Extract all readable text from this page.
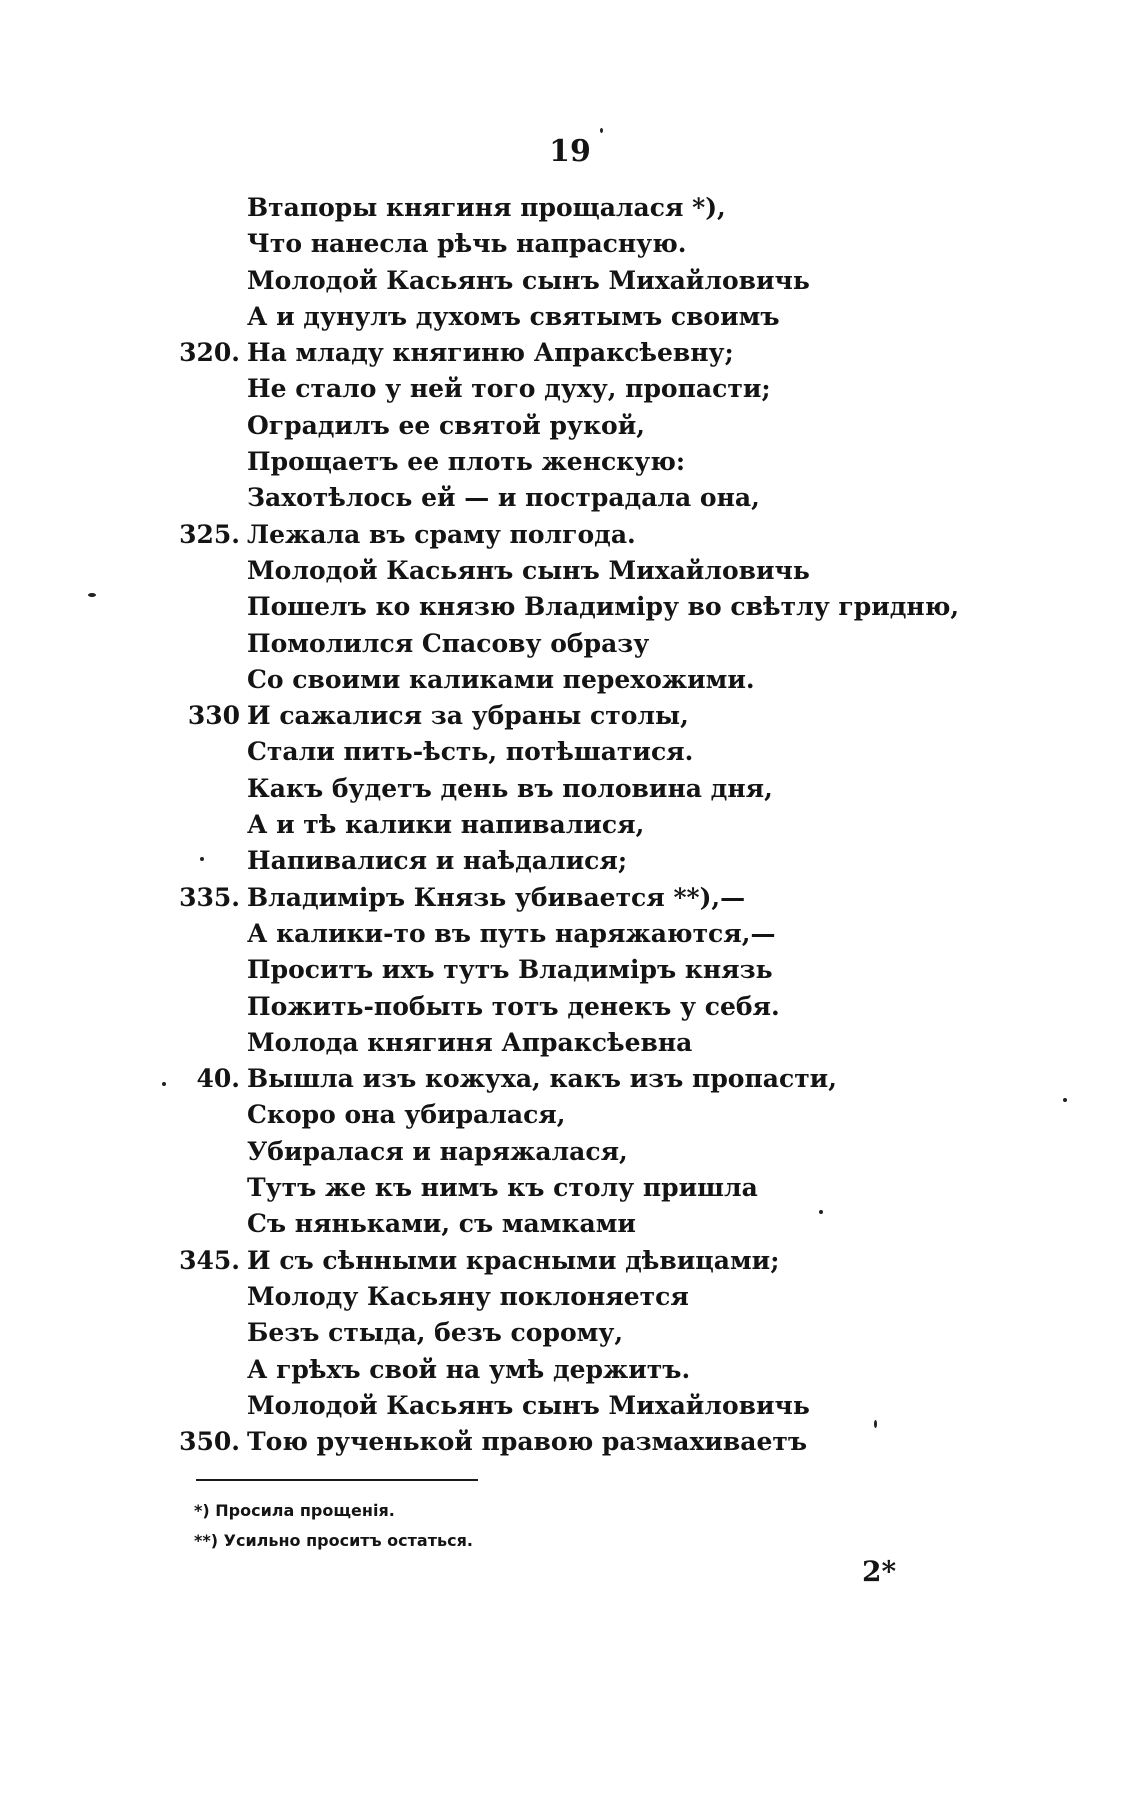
19
Втапоры княгиня прощалася *),
Что нанесла рѣчь напрасную.
Молодой Касьянъ сынъ Михайловичь
А и дунулъ духомъ святымъ своимъ
320. На младу княгиню Апраксѣевну;
Не стало у ней того духу, пропасти;
Оградилъ ее святой рукой,
Прощаетъ ее плоть женскую:
Захотѣлось ей — и пострадала она,
325. Лежала въ сраму полгода.
Молодой Касьянъ сынъ Михайловичь
Пошелъ ко князю Владиміру во свѣтлу гридню,
Помолился Спасову образу
Со своими каликами перехожими.
330 И сажалися за убраны столы,
Стали пить-ѣсть, потѣшатися.
Какъ будетъ день въ половина дня,
А и тѣ калики напивалися,
Напивалися и наѣдалися;
335. Владиміръ Князь убивается **),—
А калики-то въ путь наряжаются,—
Проситъ ихъ тутъ Владиміръ князь
Пожить-побыть тотъ денекъ у себя.
Молода княгиня Апраксѣевна
40. Вышла изъ кожуха, какъ изъ пропасти,
Скоро она убиралася,
Убиралася и наряжалася,
Тутъ же къ нимъ къ столу пришла
Съ няньками, съ мамками
345. И съ сѣнными красными дѣвицами;
Молоду Касьяну поклоняется
Безъ стыда, безъ сорому,
А грѣхъ свой на умѣ держитъ.
Молодой Касьянъ сынъ Михайловичь
350. Тою рученькой правою размахиваетъ
*) Просила прощенія.
**) Усильно проситъ остаться.
2*
